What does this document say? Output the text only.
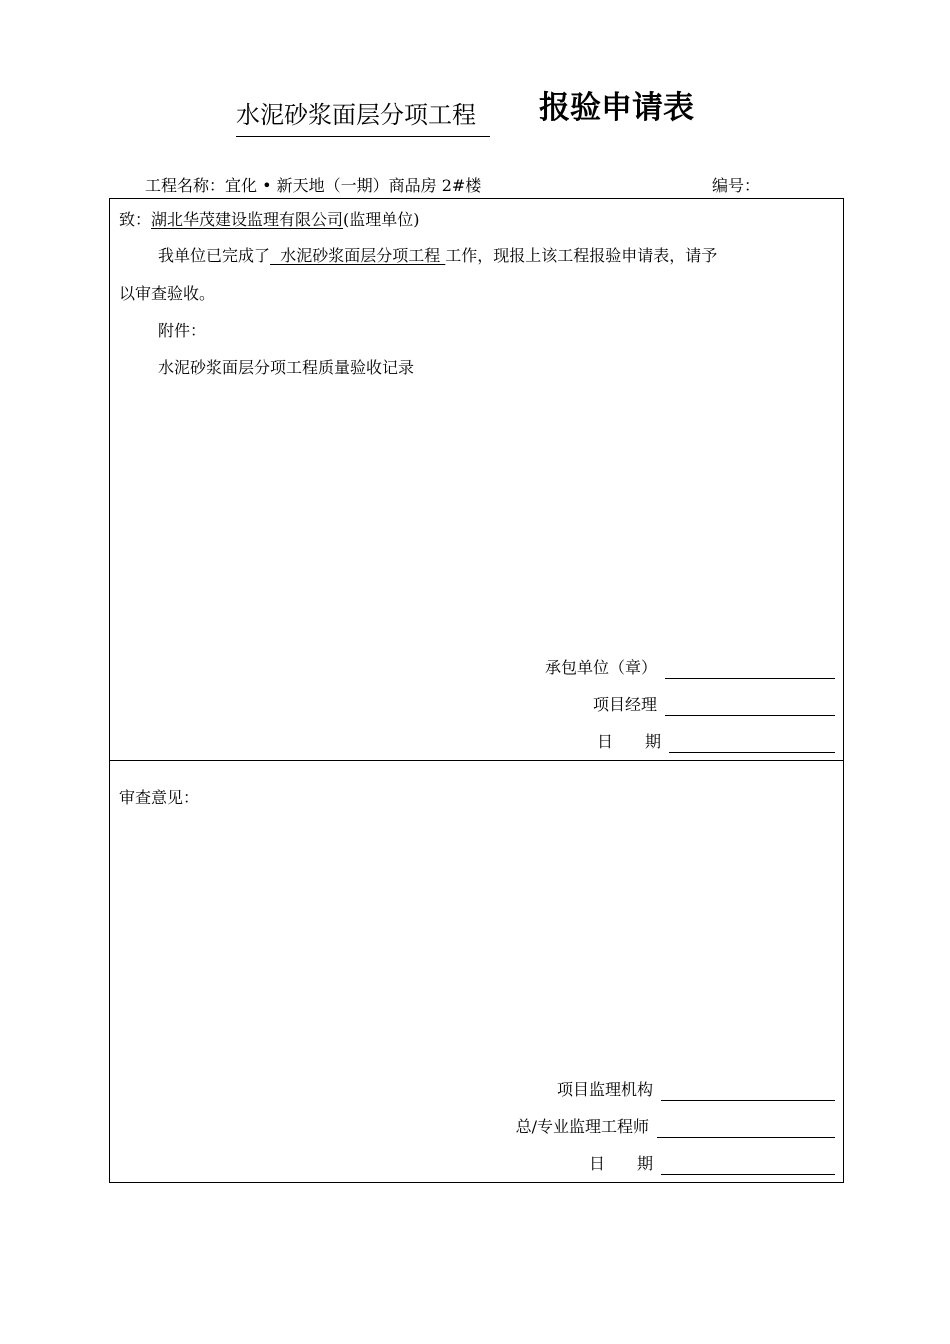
水泥砂浆面层分项工程	报验申请表
工程名称：宜化 • 新天地（一期）商品房 2#楼	编号：
致：湖北华茂建设监理有限公司(监理单位)
我单位已完成了  水泥砂浆面层分项工程 工作，现报上该工程报验申请表，请予
以审查验收。
附件：
水泥砂浆面层分项工程质量验收记录
承包单位（章）
项目经理
日　　期
审查意见：
项目监理机构
总/专业监理工程师
日　　期
